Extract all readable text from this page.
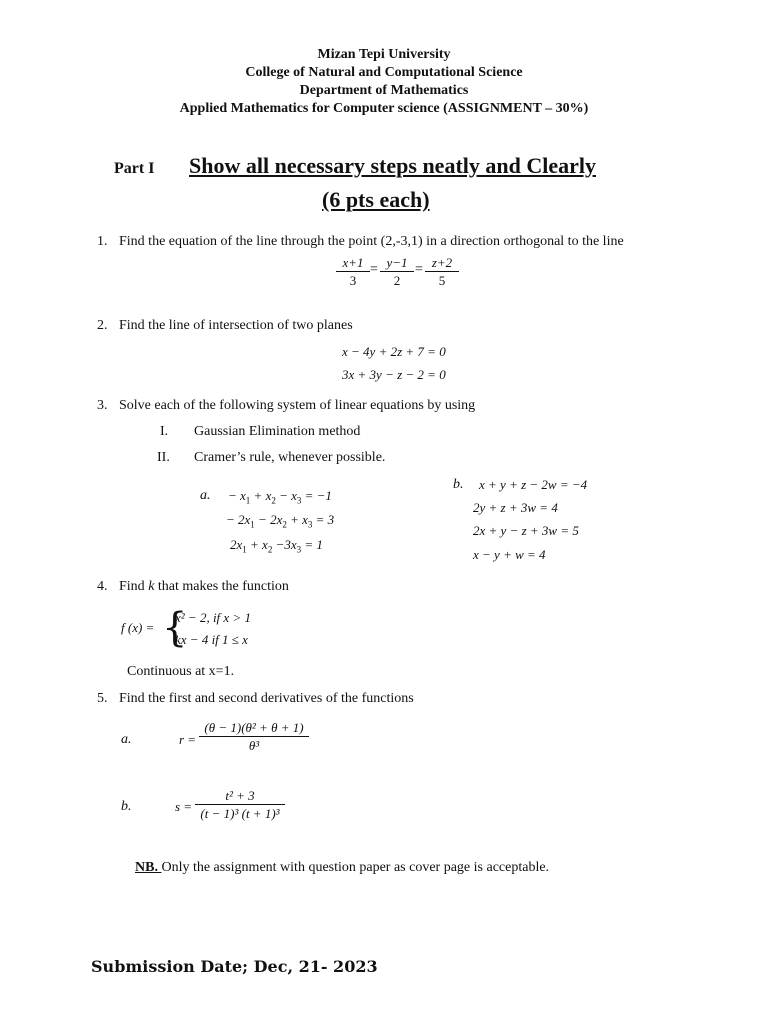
Mizan Tepi University
College of Natural and Computational Science
Department of Mathematics
Applied Mathematics for Computer science (ASSIGNMENT – 30%)
Part I Show all necessary steps neatly and Clearly
(6 pts each)
1. Find the equation of the line through the point (2,-3,1) in a direction orthogonal to the line
$\frac{x+1}{3} = \frac{y-1}{2} = \frac{z+2}{5}$
2. Find the line of intersection of two planes
x − 4y + 2z + 7 = 0
3x + 3y − z − 2 = 0
3. Solve each of the following system of linear equations by using
I. Gaussian Elimination method
II. Cramer’s rule, whenever possible.
a. − $x_1 + x_2 - x_3 = -1$
− $2x_1 - 2x_2 + x_3 = 3$
$2x_1 + x_2 -3x_3 = 1$
b. x + y + z − 2w = −4
2y + z + 3w = 4
2x + y − z + 3w = 5
x − y + w = 4
4. Find k that makes the function
f (x) = {
x² − 2, if x > 1
kx − 4 if 1 ≤ x
Continuous at x=1.
5. Find the first and second derivatives of the functions
a.	$r = \frac{\text{(θ − 1)(θ² + θ + 1)}}{\text{θ³}}$
b.	$s = \frac{\text{t² + 3}}{\text{(t − 1)³ (t + 1)³}}$
NB. Only the assignment with question paper as cover page is acceptable.
Submission Date; Dec, 21- 2023
